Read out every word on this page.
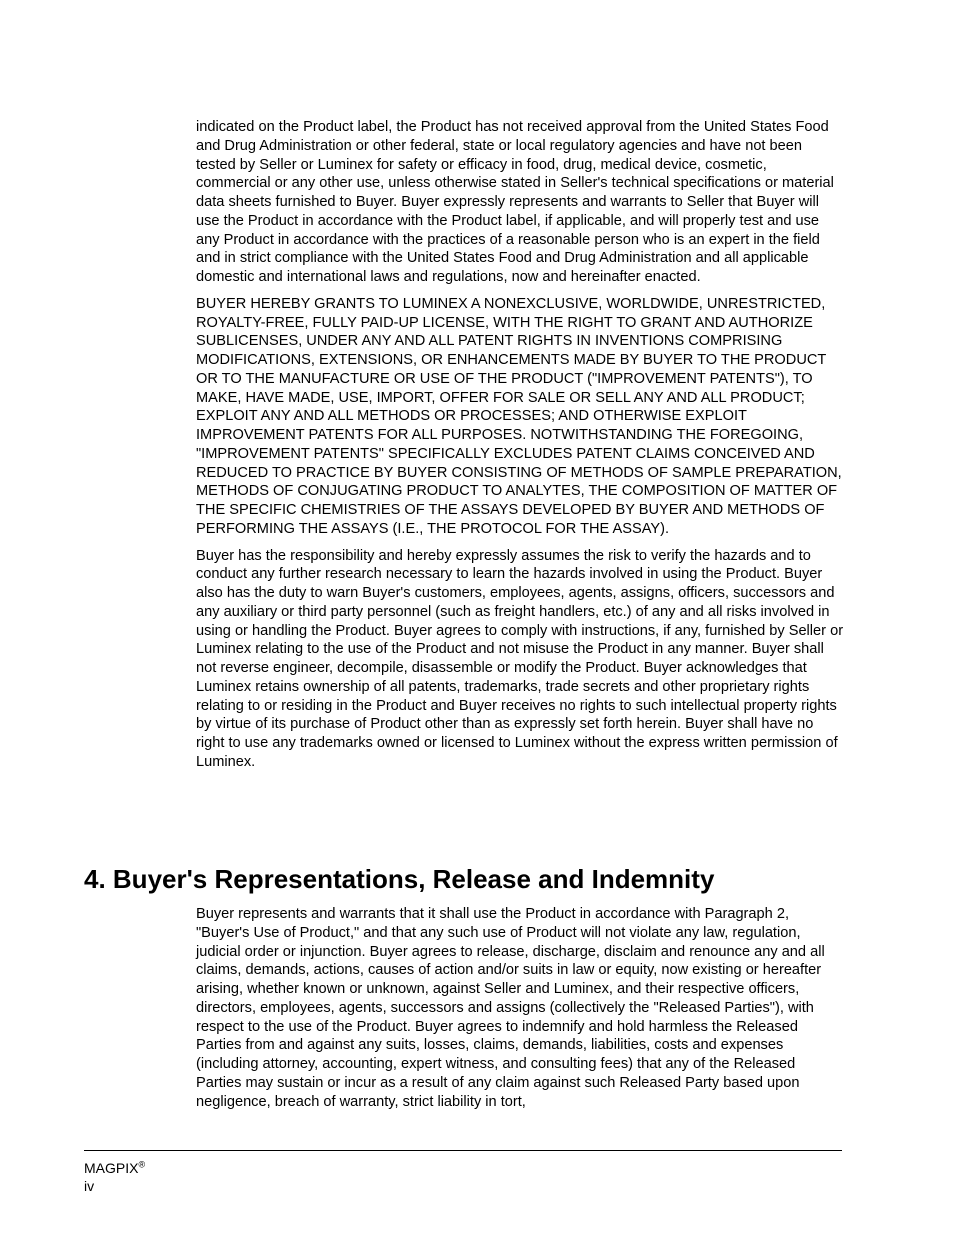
indicated on the Product label, the Product has not received approval from the United States Food and Drug Administration or other federal, state or local regulatory agencies and have not been tested by Seller or Luminex for safety or efficacy in food, drug, medical device, cosmetic, commercial or any other use, unless otherwise stated in Seller's technical specifications or material data sheets furnished to Buyer. Buyer expressly represents and warrants to Seller that Buyer will use the Product in accordance with the Product label, if applicable, and will properly test and use any Product in accordance with the practices of a reasonable person who is an expert in the field and in strict compliance with the United States Food and Drug Administration and all applicable domestic and international laws and regulations, now and hereinafter enacted.

BUYER HEREBY GRANTS TO LUMINEX A NONEXCLUSIVE, WORLDWIDE, UNRESTRICTED, ROYALTY-FREE, FULLY PAID-UP LICENSE, WITH THE RIGHT TO GRANT AND AUTHORIZE SUBLICENSES, UNDER ANY AND ALL PATENT RIGHTS IN INVENTIONS COMPRISING MODIFICATIONS, EXTENSIONS, OR ENHANCEMENTS MADE BY BUYER TO THE PRODUCT OR TO THE MANUFACTURE OR USE OF THE PRODUCT ("IMPROVEMENT PATENTS"), TO MAKE, HAVE MADE, USE, IMPORT, OFFER FOR SALE OR SELL ANY AND ALL PRODUCT; EXPLOIT ANY AND ALL METHODS OR PROCESSES; AND OTHERWISE EXPLOIT IMPROVEMENT PATENTS FOR ALL PURPOSES. NOTWITHSTANDING THE FOREGOING, "IMPROVEMENT PATENTS" SPECIFICALLY EXCLUDES PATENT CLAIMS CONCEIVED AND REDUCED TO PRACTICE BY BUYER CONSISTING OF METHODS OF SAMPLE PREPARATION, METHODS OF CONJUGATING PRODUCT TO ANALYTES, THE COMPOSITION OF MATTER OF THE SPECIFIC CHEMISTRIES OF THE ASSAYS DEVELOPED BY BUYER AND METHODS OF PERFORMING THE ASSAYS (I.E., THE PROTOCOL FOR THE ASSAY).

Buyer has the responsibility and hereby expressly assumes the risk to verify the hazards and to conduct any further research necessary to learn the hazards involved in using the Product. Buyer also has the duty to warn Buyer's customers, employees, agents, assigns, officers, successors and any auxiliary or third party personnel (such as freight handlers, etc.) of any and all risks involved in using or handling the Product. Buyer agrees to comply with instructions, if any, furnished by Seller or Luminex relating to the use of the Product and not misuse the Product in any manner. Buyer shall not reverse engineer, decompile, disassemble or modify the Product. Buyer acknowledges that Luminex retains ownership of all patents, trademarks, trade secrets and other proprietary rights relating to or residing in the Product and Buyer receives no rights to such intellectual property rights by virtue of its purchase of Product other than as expressly set forth herein. Buyer shall have no right to use any trademarks owned or licensed to Luminex without the express written permission of Luminex.

4. Buyer's Representations, Release and Indemnity

Buyer represents and warrants that it shall use the Product in accordance with Paragraph 2, "Buyer's Use of Product," and that any such use of Product will not violate any law, regulation, judicial order or injunction. Buyer agrees to release, discharge, disclaim and renounce any and all claims, demands, actions, causes of action and/or suits in law or equity, now existing or hereafter arising, whether known or unknown, against Seller and Luminex, and their respective officers, directors, employees, agents, successors and assigns (collectively the "Released Parties"), with respect to the use of the Product. Buyer agrees to indemnify and hold harmless the Released Parties from and against any suits, losses, claims, demands, liabilities, costs and expenses (including attorney, accounting, expert witness, and consulting fees) that any of the Released Parties may sustain or incur as a result of any claim against such Released Party based upon negligence, breach of warranty, strict liability in tort,

MAGPIX®
iv
